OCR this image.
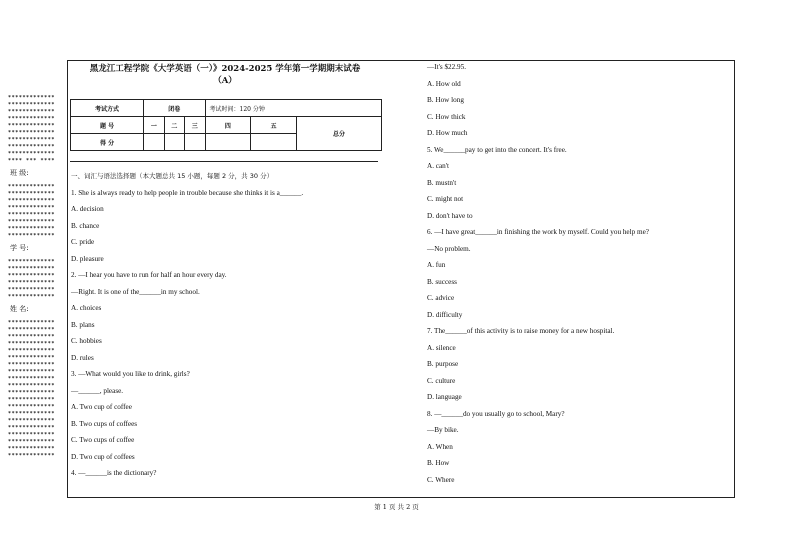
*************
*************
*************
*************
*************
*************
*************
*************
*************
**** *** ****
班 级:
*************
*************
*************
*************
*************
*************
*************
*************
学 号:
*************
*************
*************
*************
*************
*************
姓 名:
*************
*************
*************
*************
*************
*************
*************
*************
*************
*************
*************
*************
*************
*************
*************
*************
*************
*************
*************
*************
黑龙江工程学院《大学英语（一）》2024-2025 学年第一学期期末试卷
（A）
考试方式	闭卷			考试时间：120 分钟		
题 号	一	二	三	四	五	总分
得 分						
一、词汇与语法选择题（本大题总共 15 小题，每题 2 分，共 30 分）
1. She is always ready to help people in trouble because she thinks it is a______.
A. decision
B. chance
C. pride
D. pleasure
2. —I hear you have to run for half an hour every day.
—Right. It is one of the______in my school.
A. choices
B. plans
C. hobbies
D. rules
3. —What would you like to drink, girls?
—______, please.
A. Two cup of coffee
B. Two cups of coffees
C. Two cups of coffee
D. Two cup of coffees
4. —______is the dictionary?
—It's $22.95.
A. How old
B. How long
C. How thick
D. How much
5. We______pay to get into the concert. It's free.
A. can't
B. mustn't
C. might not
D. don't have to
6. —I have great______in finishing the work by myself. Could you help me?
—No problem.
A. fun
B. success
C. advice
D. difficulty
7. The______of this activity is to raise money for a new hospital.
A. silence
B. purpose
C. culture
D. language
8. —______do you usually go to school, Mary?
—By bike.
A. When
B. How
C. Where
第 1 页 共 2 页
